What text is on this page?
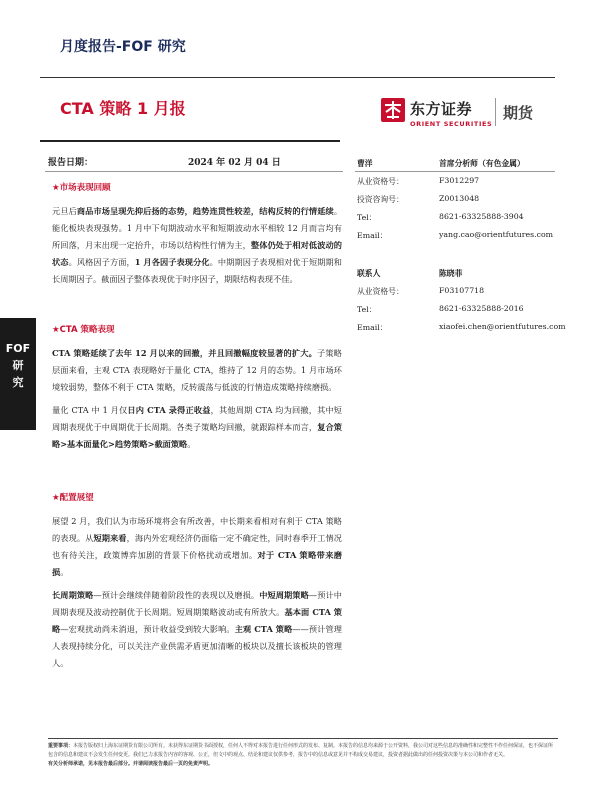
月度报告-FOF 研究
CTA 策略 1 月报	东方证券
ORIENT SECURITIES
期货
报告日期：	2024 年 02 月 04 日
★市场表现回顾
元旦后商品市场呈现先抑后扬的态势，趋势连贯性较差，结构反转的行情延续。能化板块表现强势。1 月中下旬期波动水平和短期波动水平相较 12 月而言均有所回落，月末出现一定抬升，市场以结构性行情为主，整体仍处于相对低波动的状态。风格因子方面，1 月各因子表现分化。中期期因子表现相对优于短期期和长周期因子。截面因子整体表现优于时序因子，期限结构表现不佳。
★CTA 策略表现
CTA 策略延续了去年 12 月以来的回撤，并且回撤幅度较显著的扩大。子策略层面来看，主观 CTA 表现略好于量化 CTA，维持了 12 月的态势。1 月市场环境较弱势，整体不利于 CTA 策略，反转震荡与低波的行情造成策略持续磨损。
量化 CTA 中 1 月仅日内 CTA 录得正收益，其他周期 CTA 均为回撤，其中短周期表现优于中周期优于长周期。各类子策略均回撤，就跟踪样本而言，复合策略>基本面量化>趋势策略>截面策略。
★配置展望
展望 2 月，我们认为市场环境将会有所改善，中长期来看相对有利于 CTA 策略的表现。从短期来看，海内外宏观经济仍面临一定不确定性，同时春季开工情况也有待关注，政策博弈加剧的背景下价格扰动或增加。对于 CTA 策略带来磨损。
长周期策略—预计会继续伴随着阶段性的表现以及磨损。中短周期策略—预计中周期表现及波动控制优于长周期。短周期策略波动或有所放大。基本面 CTA 策略—宏观扰动尚未消退，预计收益受到较大影响。主观 CTA 策略——预计管理人表现持续分化，可以关注产业供需矛盾更加清晰的板块以及擅长该板块的管理人。
FOF
研
究
曹洋	首席分析师（有色金属）
从业资格号：	F3012297
投资咨询号：	Z0013048
Tel：	8621-63325888-3904
Email：	yang.cao@orientfutures.com
联系人	陈晓菲
从业资格号：	F03107718
Tel：	8621-63325888-2016
Email：	xiaofei.chen@orientfutures.com
重要事项：本报告版权归上海东证期货有限公司所有。未获得东证期货书面授权，任何人不得对本报告进行任何形式的发布、复制。本报告的信息均来源于公开资料，我公司对这些信息的准确性和完整性不作任何保证，也不保证所包含的信息和建议不会发生任何变更。我们已力求报告内容的客观、公正，但文中的观点、结论和建议仅供参考，报告中的信息或意见并不构成交易建议，投资者据此做出的任何投资决策与本公司和作者无关。
有关分析师承诺，见本报告最后部分。并请阅读报告最后一页的免责声明。
